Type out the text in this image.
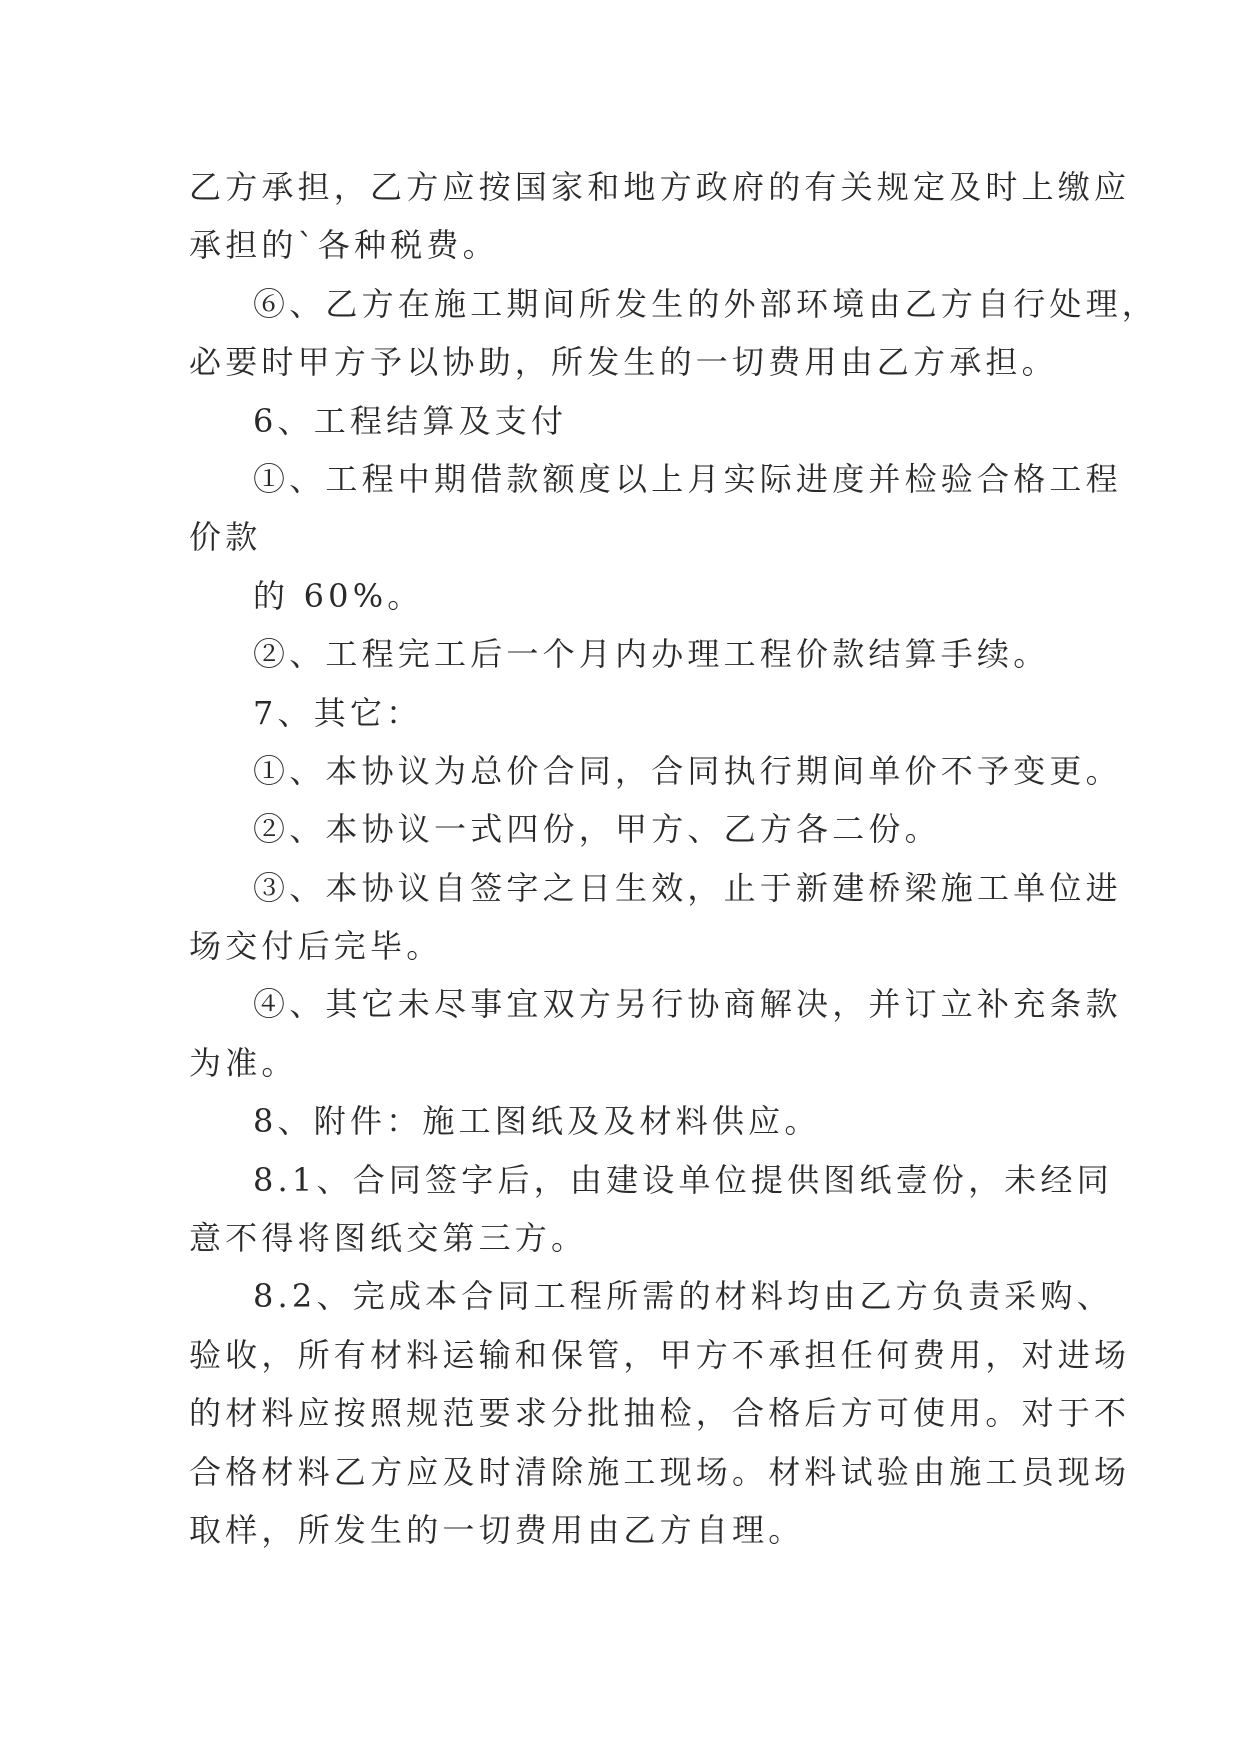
乙方承担，乙方应按国家和地方政府的有关规定及时上缴应
承担的`各种税费。
⑥、乙方在施工期间所发生的外部环境由乙方自行处理，
必要时甲方予以协助，所发生的一切费用由乙方承担。
6、工程结算及支付
①、工程中期借款额度以上月实际进度并检验合格工程
价款
的 60%。
②、工程完工后一个月内办理工程价款结算手续。
7、其它：
①、本协议为总价合同，合同执行期间单价不予变更。
②、本协议一式四份，甲方、乙方各二份。
③、本协议自签字之日生效，止于新建桥梁施工单位进
场交付后完毕。
④、其它未尽事宜双方另行协商解决，并订立补充条款
为准。
8、附件：施工图纸及及材料供应。
8.1、合同签字后，由建设单位提供图纸壹份，未经同
意不得将图纸交第三方。
8.2、完成本合同工程所需的材料均由乙方负责采购、
验收，所有材料运输和保管，甲方不承担任何费用，对进场
的材料应按照规范要求分批抽检，合格后方可使用。对于不
合格材料乙方应及时清除施工现场。材料试验由施工员现场
取样，所发生的一切费用由乙方自理。
